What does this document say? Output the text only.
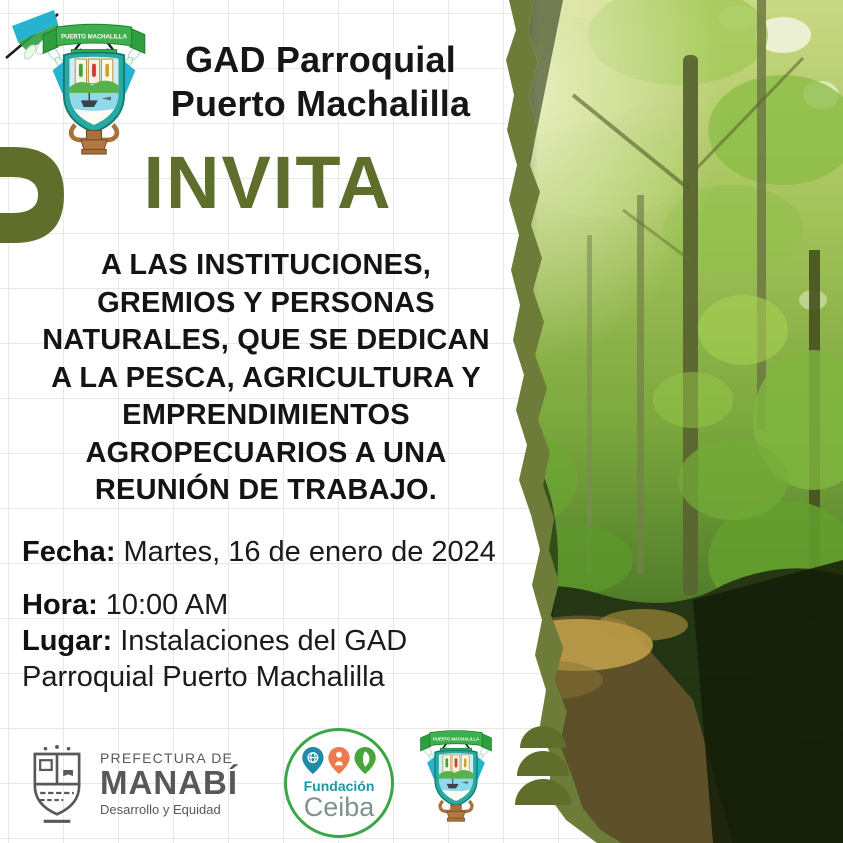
GAD Parroquial
Puerto Machalilla
INVITA
A LAS INSTITUCIONES,
GREMIOS Y PERSONAS
NATURALES, QUE SE DEDICAN
A LA PESCA, AGRICULTURA Y
EMPRENDIMIENTOS
AGROPECUARIOS A UNA
REUNIÓN DE TRABAJO.
Fecha: Martes, 16 de enero de 2024
Hora: 10:00 AM
Lugar: Instalaciones del GAD Parroquial Puerto Machalilla
PREFECTURA DE
MANABÍ
Desarrollo y Equidad
Fundación
Ceiba
